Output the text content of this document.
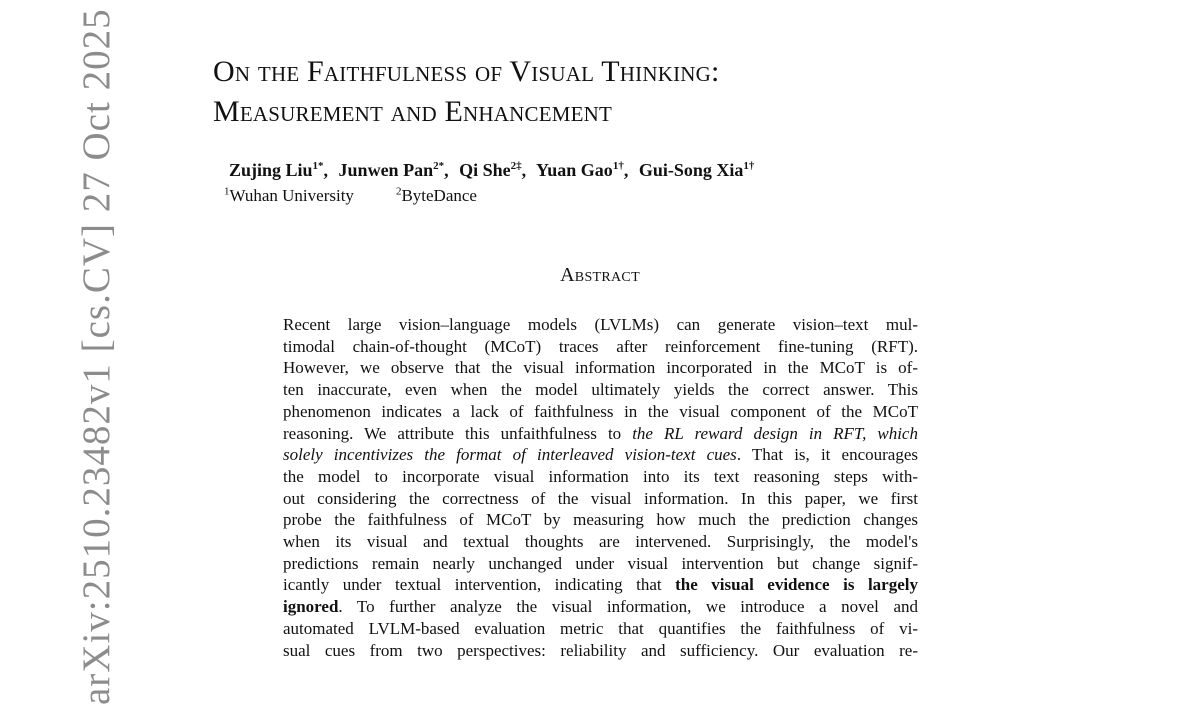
arXiv:2510.23482v1 [cs.CV] 27 Oct 2025	On the Faithfulness of Visual Thinking:
Measurement and Enhancement
Zujing Liu$^{1*}$, Junwen Pan$^{2*}$, Qi She$^{2\ddagger}$, Yuan Gao$^{1\dagger}$, Gui-Song Xia$^{1\dagger}$
$^1$Wuhan University	$^2$ByteDance
Abstract
Recent large vision–language models (LVLMs) can generate vision–text mul-
timodal chain-of-thought (MCoT) traces after reinforcement fine-tuning (RFT).
However, we observe that the visual information incorporated in the MCoT is of-
ten inaccurate, even when the model ultimately yields the correct answer. This
phenomenon indicates a lack of faithfulness in the visual component of the MCoT
reasoning. We attribute this unfaithfulness to the RL reward design in RFT, which
solely incentivizes the format of interleaved vision-text cues. That is, it encourages
the model to incorporate visual information into its text reasoning steps with-
out considering the correctness of the visual information. In this paper, we first
probe the faithfulness of MCoT by measuring how much the prediction changes
when its visual and textual thoughts are intervened. Surprisingly, the model's
predictions remain nearly unchanged under visual intervention but change signif-
icantly under textual intervention, indicating that the visual evidence is largely
ignored. To further analyze the visual information, we introduce a novel and
automated LVLM-based evaluation metric that quantifies the faithfulness of vi-
sual cues from two perspectives: reliability and sufficiency. Our evaluation re-
